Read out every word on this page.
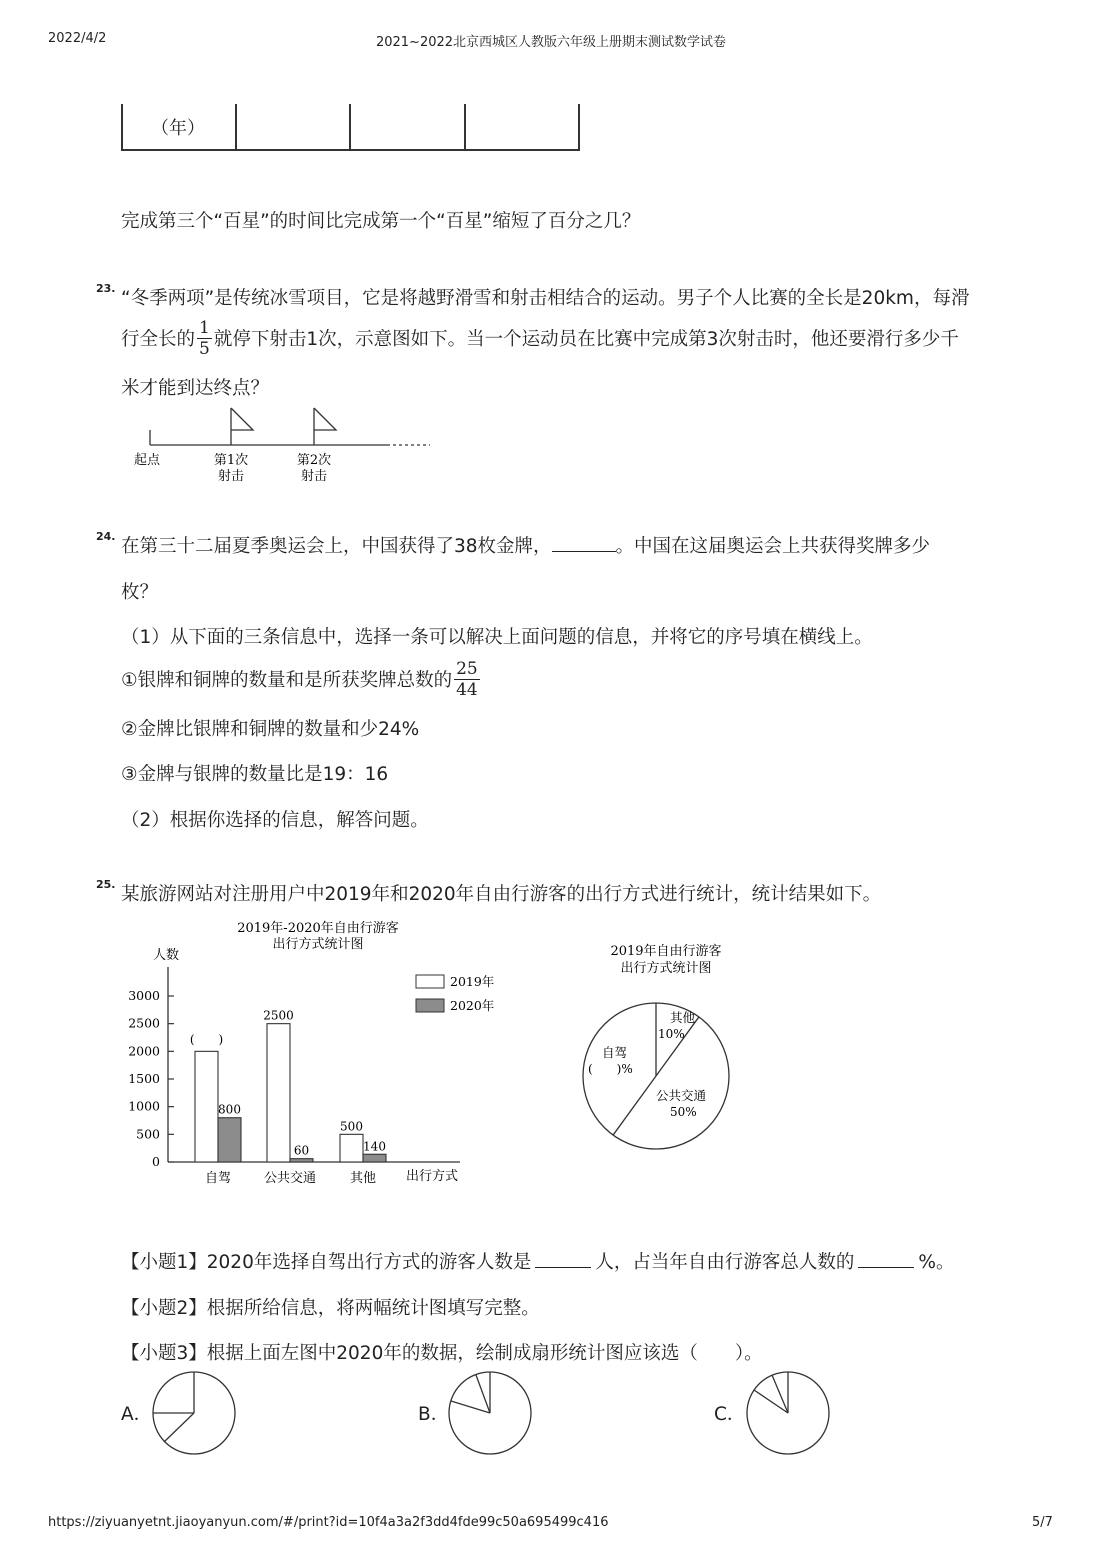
2022/4/2	2021~2022北京西城区人教版六年级上册期末测试数学试卷
（年）
完成第三个“百星”的时间比完成第一个“百星”缩短了百分之几？
23. “冬季两项”是传统冰雪项目，它是将越野滑雪和射击相结合的运动。男子个人比赛的全长是20km，每滑
行全长的 $\frac{1}{5}$ 就停下射击1次，示意图如下。当一个运动员在比赛中完成第3次射击时，他还要滑行多少千
米才能到达终点？
起点	第1次
射击
第2次
射击
24. 在第三十二届夏季奥运会上，中国获得了38枚金牌，	。中国在这届奥运会上共获得奖牌多少
枚？
（1）从下面的三条信息中，选择一条可以解决上面问题的信息，并将它的序号填在横线上。
①银牌和铜牌的数量和是所获奖牌总数的 $\frac{25}{44}$
②金牌比银牌和铜牌的数量和少24%
③金牌与银牌的数量比是19：16
（2）根据你选择的信息，解答问题。
25. 某旅游网站对注册用户中2019年和2020年自由行游客的出行方式进行统计，统计结果如下。
2019年-2020年自由行游客
出行方式统计图
人数
出行方式
3000
2500
2000
1500
1000
500
0
(　　)
800
自驾
2500
60
公共交通
500
140
其他
2019年
2020年
2019年自由行游客
出行方式统计图
其他
10%
公共交通
50%
自驾
(　　)%
【小题1】2020年选择自驾出行方式的游客人数是	人，占当年自由行游客总人数的	%。
【小题2】根据所给信息，将两幅统计图填写完整。
【小题3】根据上面左图中2020年的数据，绘制成扇形统计图应该选（　　）。
A．	B．	C．
https://ziyuanyetnt.jiaoyanyun.com/#/print?id=10f4a3a2f3dd4fde99c50a695499c416	5/7
